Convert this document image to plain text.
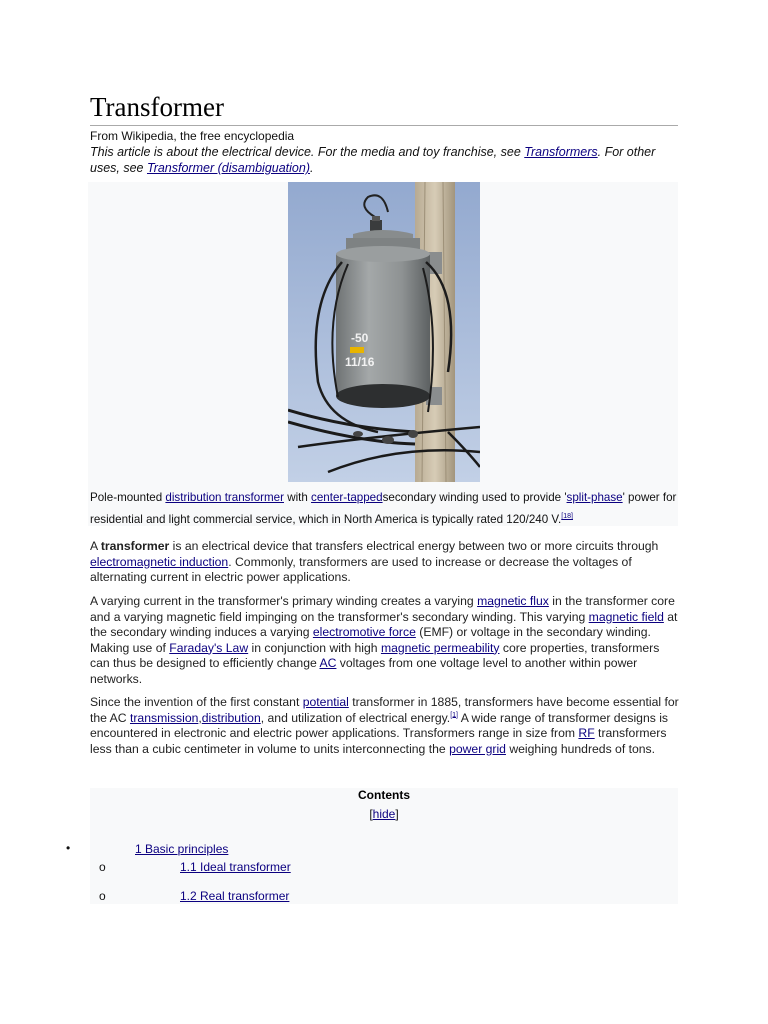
Transformer
From Wikipedia, the free encyclopedia
This article is about the electrical device. For the media and toy franchise, see Transformers. For other uses, see Transformer (disambiguation).
-50
11/16
Pole-mounted distribution transformer with center-tappedsecondary winding used to provide 'split-phase' power for residential and light commercial service, which in North America is typically rated 120/240 V.[18]

A transformer is an electrical device that transfers electrical energy between two or more circuits through electromagnetic induction. Commonly, transformers are used to increase or decrease the voltages of alternating current in electric power applications.

A varying current in the transformer's primary winding creates a varying magnetic flux in the transformer core and a varying magnetic field impinging on the transformer's secondary winding. This varying magnetic field at the secondary winding induces a varying electromotive force (EMF) or voltage in the secondary winding. Making use of Faraday's Law in conjunction with high magnetic permeability core properties, transformers can thus be designed to efficiently change AC voltages from one voltage level to another within power networks.

Since the invention of the first constant potential transformer in 1885, transformers have become essential for the AC transmission,distribution, and utilization of electrical energy.[1] A wide range of transformer designs is encountered in electronic and electric power applications. Transformers range in size from RF transformers less than a cubic centimeter in volume to units interconnecting the power grid weighing hundreds of tons.

Contents
[hide]
•	1 Basic principles
o	1.1 Ideal transformer
o	1.2 Real transformer
